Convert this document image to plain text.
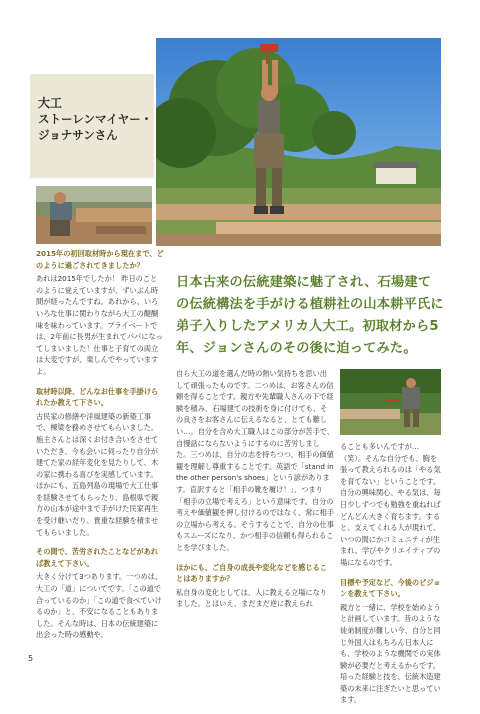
大工
ストーレンマイヤー・
ジョナサンさん
日本古来の伝統建築に魅了され、石場建ての伝統構法を手がける植耕社の山本耕平氏に弟子入りしたアメリカ人大工。初取材から5年、ジョンさんのその後に迫ってみた。
2015年の初回取材時から現在まで、どのように過ごされてきましたか？
あれは2015年でしたか！ 昨日のことのように覚えていますが、ずいぶん時間が経ったんですね。あれから、いろいろな仕事に関わりながら大工の醍醐味を味わっています。プライベートでは、2年前に長男が生まれてパパになってしまいました！仕事と子育ての両立は大変ですが、楽しんでやっていますよ。
取材時以降、どんなお仕事を手掛けられたか教えて下さい。
古民家の修繕や洋風建築の新築工事で、棟梁を務めさせてもらいました。施主さんとは深くお付き合いをさせていただき、今も会いに伺ったり自分が建てた家の経年変化を見たりして、木の家に携わる喜びを実感しています。ほかにも、五島列島の現場で大工仕事を経験させてもらったり、島根県で親方の山本が途中まで手がけた民家再生を受け継いだり、貴重な経験を積ませてもらいました。
その間で、苦労されたことなどがあれば教えて下さい。
大きく分けて3つあります。一つめは、大工の「道」についてです。「この道で合っているのか」「この道で食べていけるのか」と、不安になることもありました。そんな時は、日本の伝統建築に出会った時の感動や、
自ら大工の道を選んだ時の熱い気持ちを思い出して頑張ったものです。二つめは、お客さんの信頼を得ることです。親方や先輩職人さんの下で経験を積み、石場建ての技術を身に付けても、その良さをお客さんに伝えるなると、とても難しい…。自分を含め大工職人はこの部分が苦手で、自慢話にならないようにするのに苦労しました。三つめは、自分の志を持ちつつ、相手の価値観を理解し尊重することです。英語で「stand in the other person's shoes」という諺があります。直訳すると「相手の靴を履け！」、つまり「相手の立場で考えろ」という意味です。自分の考えや価値観を押し付けるのではなく、常に相手の立場から考える。そうすることで、自分の仕事もスムーズになり、かつ相手の信頼も得られることを学びました。
ほかにも、ご自身の成長や変化などを感じることはありますか？
私自身の変化としては、人に教える立場になりました。とはいえ、まだまだ逆に教えられ
ることも多いんですが…（笑）。そんな自分でも、胸を張って教えられるのは「やる気を育てない」ということです。自分の興味関心、やる気は、毎日少しずつでも勉強を重ねればどんどん大きく育ちます。すると、支えてくれる人が現れて、いつの間にかコミュニティが生まれ、学びやクリエイティブの場になるのです。
目標や予定など、今後のビジョンを教えて下さい。
親方と一緒に、学校を始めようと計画しています。昔のような徒弟制度が難しい今、自分と同じ外国人はもちろん日本人にも、学校のような機関での実体験が必要だと考えるからです。培った経験と技を、伝統木造建築の未来に注ぎたいと思っています。
5
